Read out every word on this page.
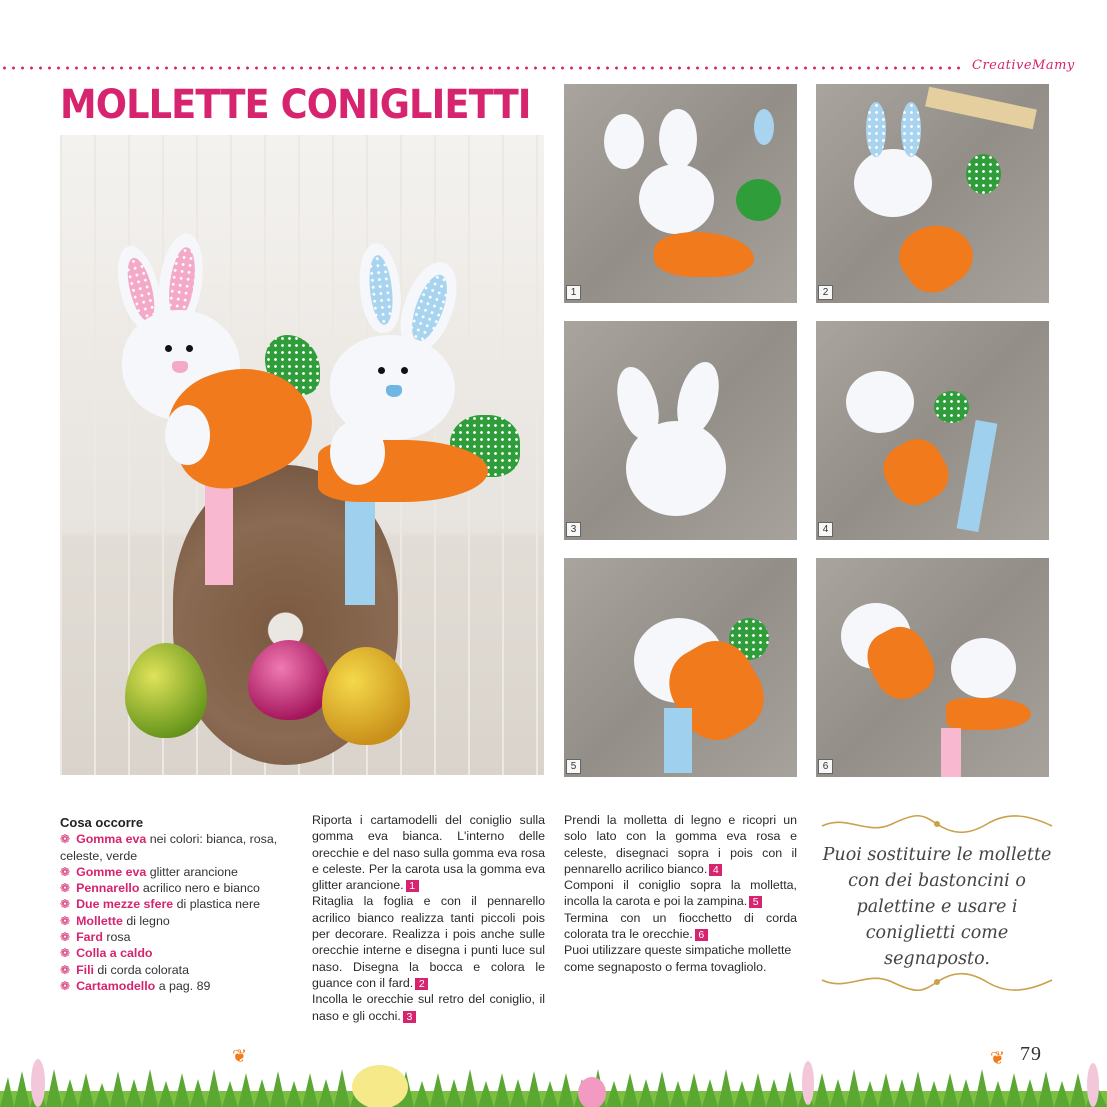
CreativeMamy
MOLLETTE CONIGLIETTI
1	2
3	4
5	6

Cosa occorre

❁ Gomma eva nei colori: bianca, rosa, celeste, verde
❁ Gomme eva glitter arancione
❁ Pennarello acrilico nero e bianco
❁ Due mezze sfere di plastica nere
❁ Mollette di legno
❁ Fard rosa
❁ Colla a caldo
❁ Fili di corda colorata
❁ Cartamodello a pag. 89

Riporta i cartamodelli del coniglio sulla gomma eva bianca. L'interno delle orecchie e del naso sulla gomma eva rosa e celeste. Per la carota usa la gomma eva glitter arancione. 1

Ritaglia la foglia e con il pennarello acrilico bianco realizza tanti piccoli pois per decorare. Realizza i pois anche sulle orecchie interne e disegna i punti luce sul naso. Disegna la bocca e colora le guance con il fard. 2

Incolla le orecchie sul retro del coniglio, il naso e gli occhi. 3

Prendi la molletta di legno e ricopri un solo lato con la gomma eva rosa e celeste, disegnaci sopra i pois con il pennarello acrilico bianco. 4

Componi il coniglio sopra la molletta, incolla la carota e poi la zampina. 5

Termina con un fiocchetto di corda colorata tra le orecchie. 6

Puoi utilizzare queste simpatiche mollette come segnaposto o ferma tovagliolo.

Puoi sostituire le mollette con dei bastoncini o palettine e usare i coniglietti come segnaposto.
79
❦	❦
